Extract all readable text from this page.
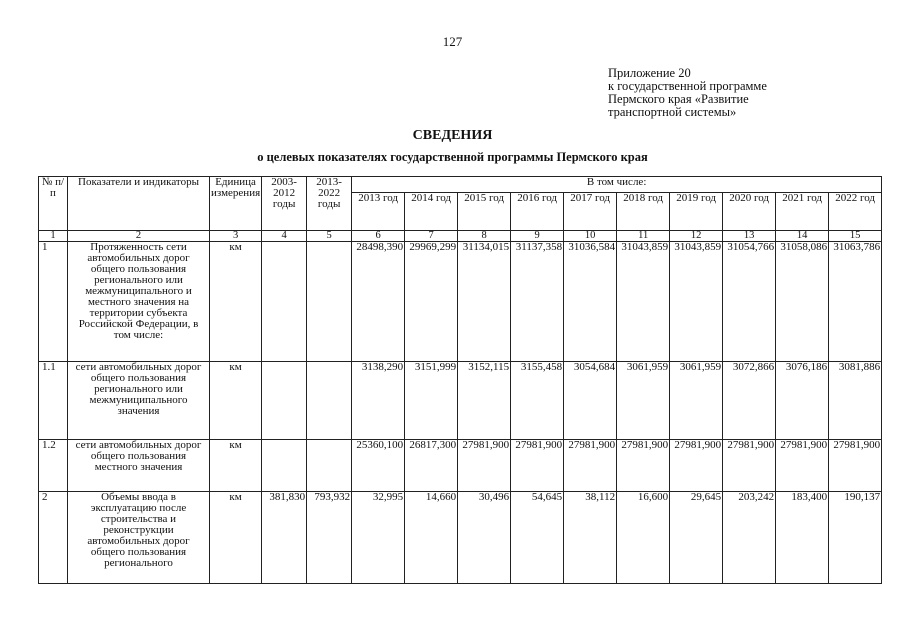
127
Приложение 20
к государственной программе
Пермского края «Развитие
транспортной системы»
СВЕДЕНИЯ
о целевых показателях государственной программы Пермского края
№ п/п	Показатели и индикаторы	Единица измерения	2003-2012 годы	2013-2022 годы	В том числе:									
					2013 год	2014 год	2015 год	2016 год	2017 год	2018 год	2019 год	2020 год	2021 год	2022 год
1	2	3	4	5	6	7	8	9	10	11	12	13	14	15
1	Протяженность сети автомобильных дорог общего пользования регионального или межмуниципального и местного значения на территории субъекта Российской Федерации, в том числе:	км			28498,390	29969,299	31134,015	31137,358	31036,584	31043,859	31043,859	31054,766	31058,086	31063,786
1.1	сети автомобильных дорог общего пользования регионального или межмуниципального значения	км			3138,290	3151,999	3152,115	3155,458	3054,684	3061,959	3061,959	3072,866	3076,186	3081,886
1.2	сети автомобильных дорог общего пользования местного значения	км			25360,100	26817,300	27981,900	27981,900	27981,900	27981,900	27981,900	27981,900	27981,900	27981,900
2	Объемы ввода в эксплуатацию после строительства и реконструкции автомобильных дорог общего пользования регионального	км	381,830	793,932	32,995	14,660	30,496	54,645	38,112	16,600	29,645	203,242	183,400	190,137
